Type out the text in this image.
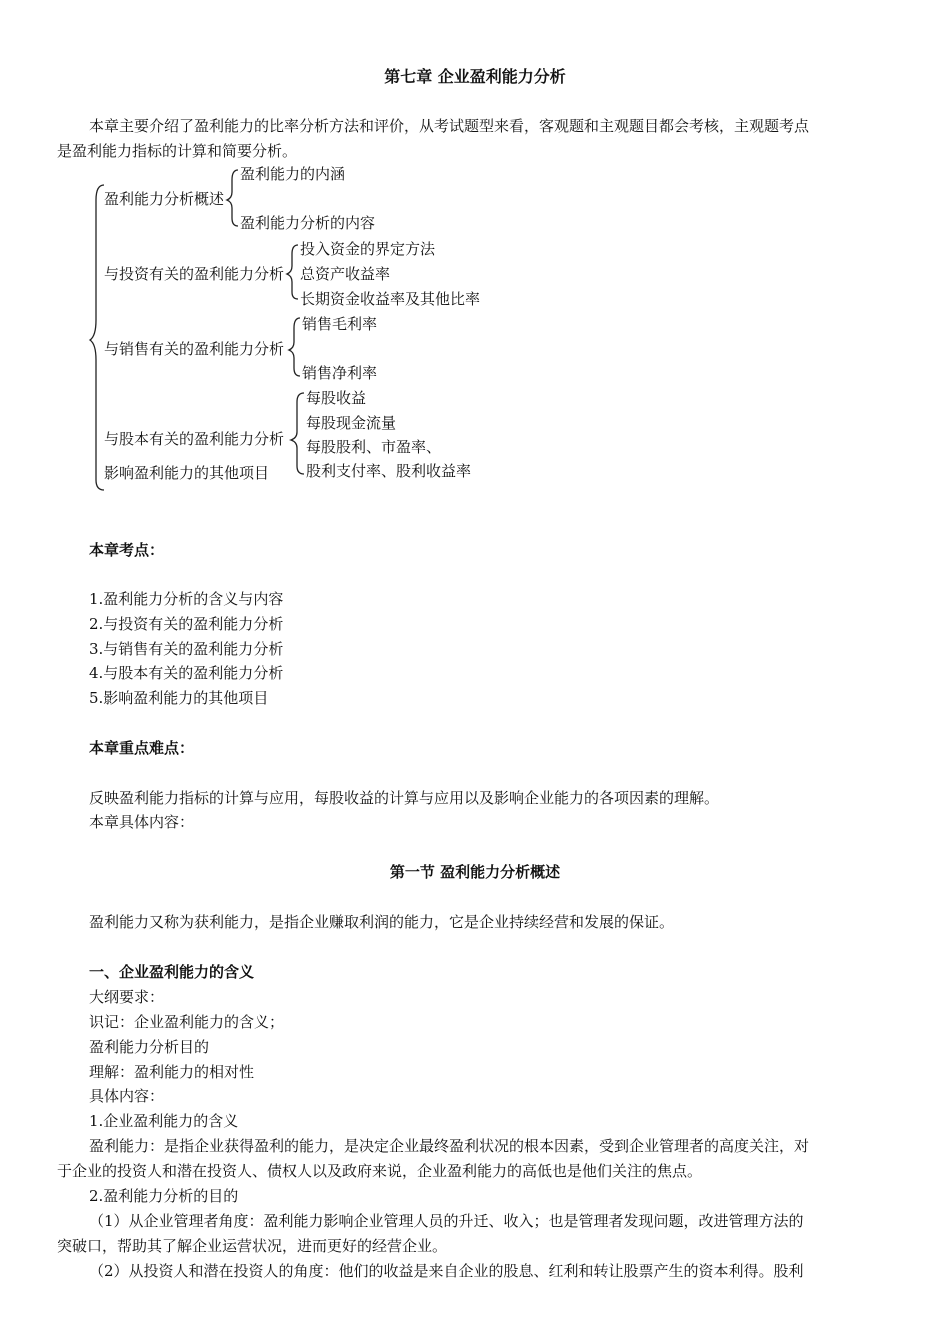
第七章 企业盈利能力分析
本章主要介绍了盈利能力的比率分析方法和评价，从考试题型来看，客观题和主观题目都会考核，主观题考点
是盈利能力指标的计算和简要分析。
盈利能力分析概述
与投资有关的盈利能力分析
与销售有关的盈利能力分析
与股本有关的盈利能力分析
影响盈利能力的其他项目
盈利能力的内涵
盈利能力分析的内容
投入资金的界定方法
总资产收益率
长期资金收益率及其他比率
销售毛利率
销售净利率
每股收益
每股现金流量
每股股利、市盈率、
股利支付率、股利收益率
本章考点：
1.盈利能力分析的含义与内容
2.与投资有关的盈利能力分析
3.与销售有关的盈利能力分析
4.与股本有关的盈利能力分析
5.影响盈利能力的其他项目
本章重点难点：
反映盈利能力指标的计算与应用，每股收益的计算与应用以及影响企业能力的各项因素的理解。
本章具体内容：
第一节 盈利能力分析概述
盈利能力又称为获利能力，是指企业赚取利润的能力，它是企业持续经营和发展的保证。
一、企业盈利能力的含义
大纲要求：
识记：企业盈利能力的含义；
盈利能力分析目的
理解：盈利能力的相对性
具体内容：
1.企业盈利能力的含义
盈利能力：是指企业获得盈利的能力，是决定企业最终盈利状况的根本因素，受到企业管理者的高度关注，对
于企业的投资人和潜在投资人、债权人以及政府来说，企业盈利能力的高低也是他们关注的焦点。
2.盈利能力分析的目的
（1）从企业管理者角度：盈利能力影响企业管理人员的升迁、收入；也是管理者发现问题，改进管理方法的
突破口，帮助其了解企业运营状况，进而更好的经营企业。
（2）从投资人和潜在投资人的角度：他们的收益是来自企业的股息、红利和转让股票产生的资本利得。股利
